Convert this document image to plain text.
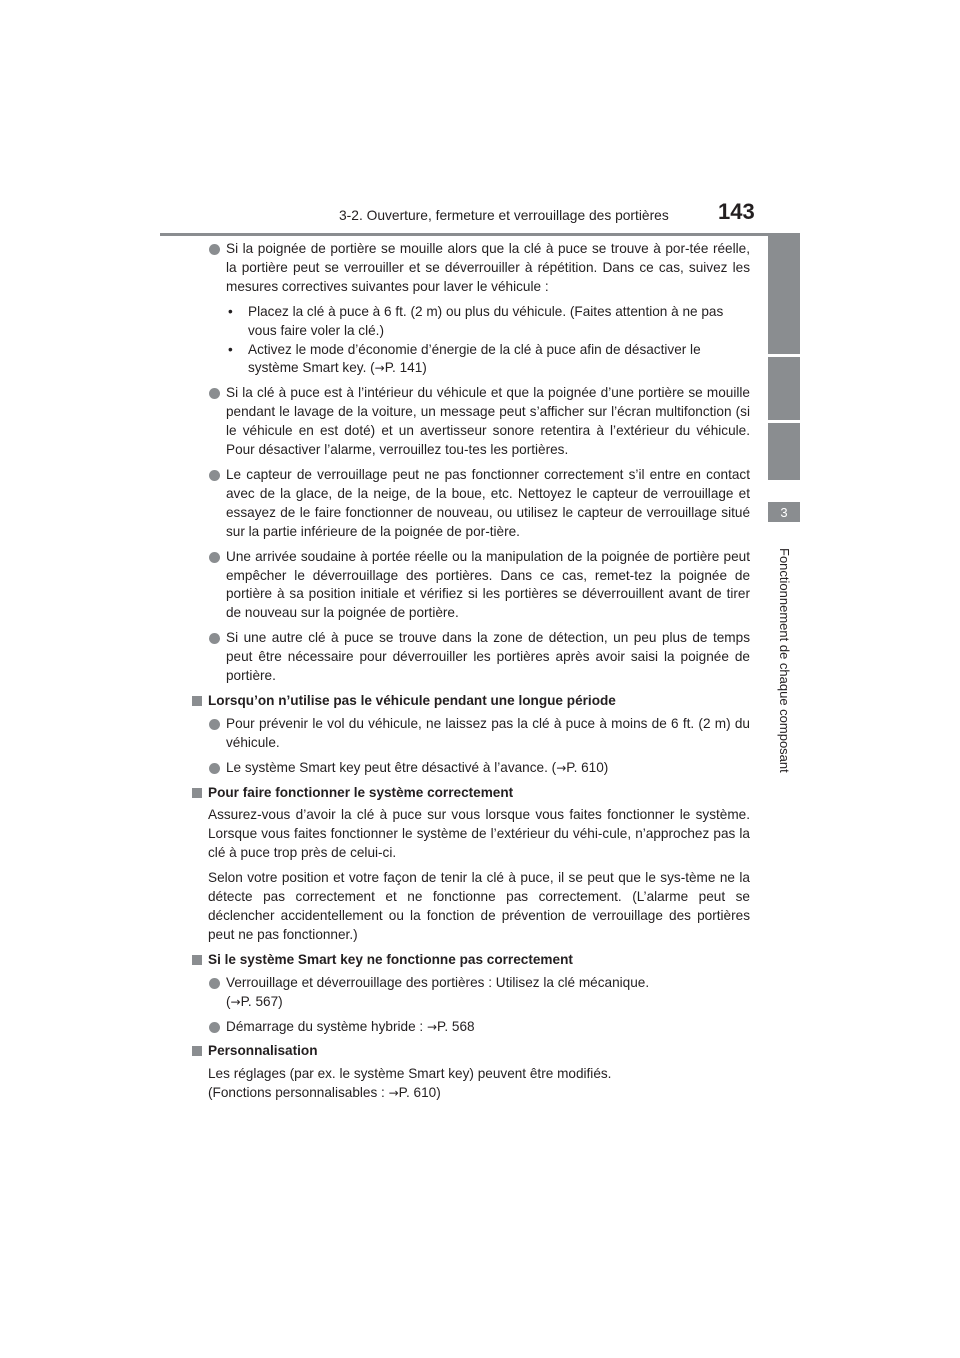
3-2. Ouverture, fermeture et verrouillage des portières 143
3
Fonctionnement de chaque composant
Si la poignée de portière se mouille alors que la clé à puce se trouve à por-tée réelle, la portière peut se verrouiller et se déverrouiller à répétition. Dans ce cas, suivez les mesures correctives suivantes pour laver le véhicule :
• Placez la clé à puce à 6 ft. (2 m) ou plus du véhicule. (Faites attention à ne pas vous faire voler la clé.)
• Activez le mode d’économie d’énergie de la clé à puce afin de désactiver le système Smart key. (→P. 141)
Si la clé à puce est à l’intérieur du véhicule et que la poignée d’une portière se mouille pendant le lavage de la voiture, un message peut s’afficher sur l’écran multifonction (si le véhicule en est doté) et un avertisseur sonore retentira à l’extérieur du véhicule. Pour désactiver l’alarme, verrouillez tou-tes les portières.
Le capteur de verrouillage peut ne pas fonctionner correctement s’il entre en contact avec de la glace, de la neige, de la boue, etc. Nettoyez le capteur de verrouillage et essayez de le faire fonctionner de nouveau, ou utilisez le capteur de verrouillage situé sur la partie inférieure de la poignée de por-tière.
Une arrivée soudaine à portée réelle ou la manipulation de la poignée de portière peut empêcher le déverrouillage des portières. Dans ce cas, remet-tez la poignée de portière à sa position initiale et vérifiez si les portières se déverrouillent avant de tirer de nouveau sur la poignée de portière.
Si une autre clé à puce se trouve dans la zone de détection, un peu plus de temps peut être nécessaire pour déverrouiller les portières après avoir saisi la poignée de portière.
Lorsqu’on n’utilise pas le véhicule pendant une longue période
Pour prévenir le vol du véhicule, ne laissez pas la clé à puce à moins de 6 ft. (2 m) du véhicule.
Le système Smart key peut être désactivé à l’avance. (→P. 610)
Pour faire fonctionner le système correctement
Assurez-vous d’avoir la clé à puce sur vous lorsque vous faites fonctionner le système. Lorsque vous faites fonctionner le système de l’extérieur du véhi-cule, n’approchez pas la clé à puce trop près de celui-ci.
Selon votre position et votre façon de tenir la clé à puce, il se peut que le sys-tème ne la détecte pas correctement et ne fonctionne pas correctement. (L’alarme peut se déclencher accidentellement ou la fonction de prévention de verrouillage des portières peut ne pas fonctionner.)
Si le système Smart key ne fonctionne pas correctement
Verrouillage et déverrouillage des portières : Utilisez la clé mécanique.
(→P. 567)
Démarrage du système hybride : →P. 568
Personnalisation
Les réglages (par ex. le système Smart key) peuvent être modifiés.
(Fonctions personnalisables : →P. 610)
